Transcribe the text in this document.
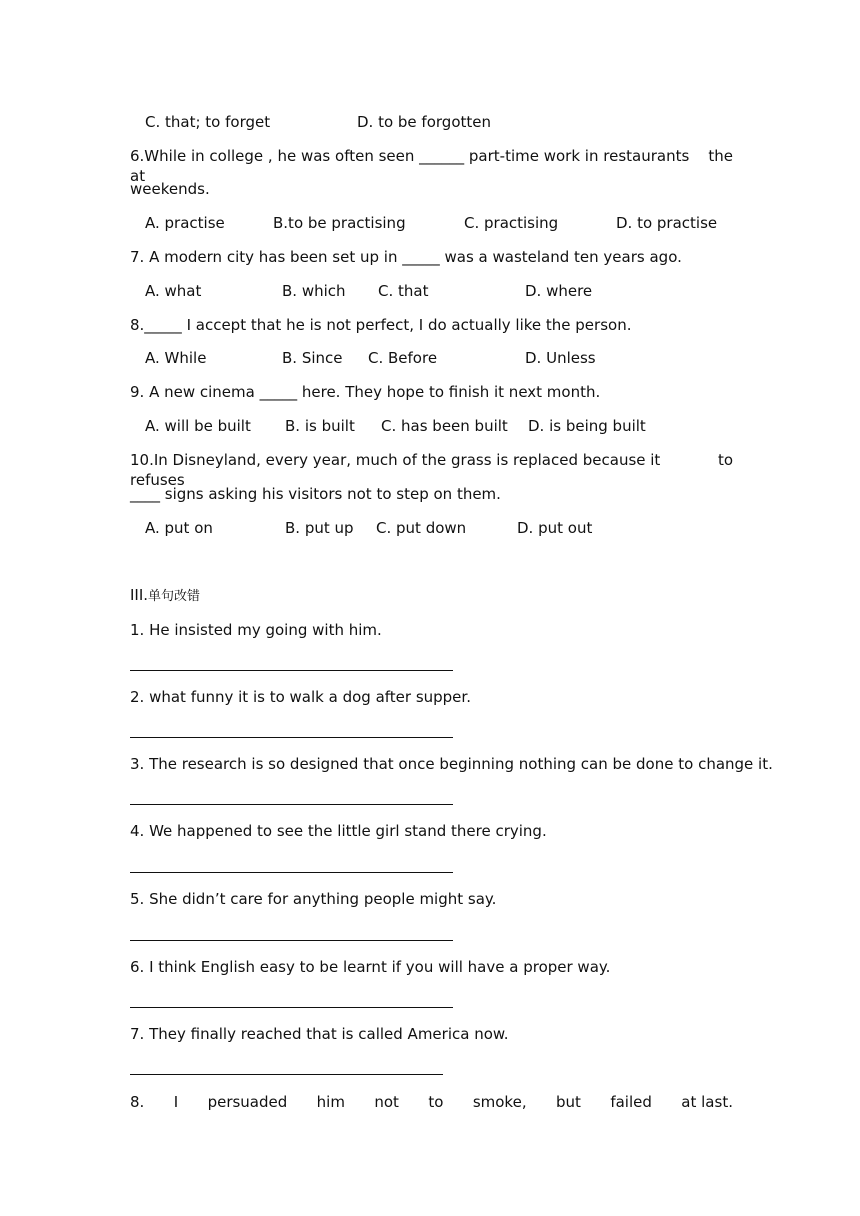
C. that; to forget	D. to be forgotten
6.While in college , he was often seen ______ part-time work in restaurants at
the
weekends.
A. practise	B.to be practising	C. practising	D. to practise
7. A modern city has been set up in _____ was a wasteland ten years ago.
A. what	B. which C. that	D. where
8._____ I accept that he is not perfect, I do actually like the person.
A. While	B. Since C. Before	D. Unless
9. A new cinema _____ here. They hope to finish it next month.
A. will be built B. is built C. has been built D. is being built
10.In Disneyland, every year, much of the grass is replaced because it refuses
to
____ signs asking his visitors not to step on them.
A. put on	B. put up C. put down	D. put out
III.单句改错
1. He insisted my going with him.
2. what funny it is to walk a dog after supper.
3. The research is so designed that once beginning nothing can be done to change it.
4. We happened to see the little girl stand there crying.
5. She didn’t care for anything people might say.
6. I think English easy to be learnt if you will have a proper way.
7. They finally reached that is called America now.
8. I persuaded him not to smoke, but failed at last.
